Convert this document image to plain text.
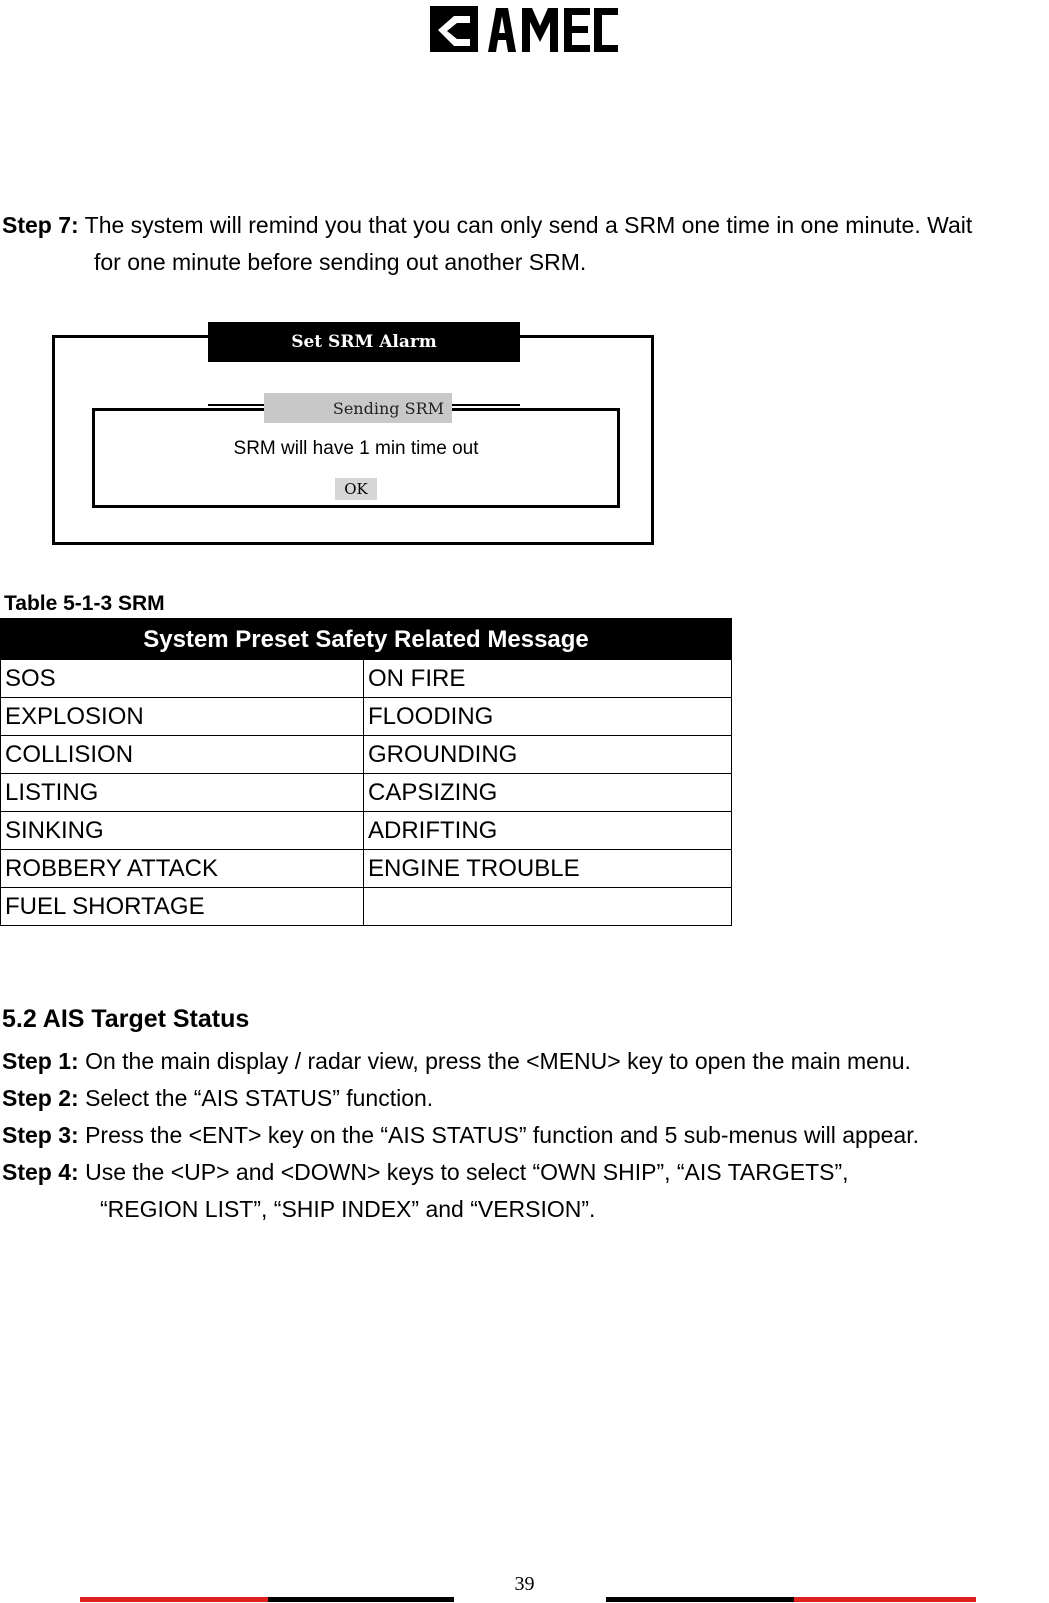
Step 7: The system will remind you that you can only send a SRM one time in one minute. Wait
for one minute before sending out another SRM.
Set SRM Alarm
Sending SRM
SRM will have 1 min time out
OK
Table 5-1-3 SRM
System Preset Safety Related Message	
SOS	ON FIRE
EXPLOSION	FLOODING
COLLISION	GROUNDING
LISTING	CAPSIZING
SINKING	ADRIFTING
ROBBERY ATTACK	ENGINE TROUBLE
FUEL SHORTAGE	
5.2 AIS Target Status
Step 1: On the main display / radar view, press the <MENU> key to open the main menu.
Step 2: Select the “AIS STATUS” function.
Step 3: Press the <ENT> key on the “AIS STATUS” function and 5 sub-menus will appear.
Step 4: Use the <UP> and <DOWN> keys to select “OWN SHIP”, “AIS TARGETS”,
“REGION LIST”, “SHIP INDEX” and “VERSION”.
39
